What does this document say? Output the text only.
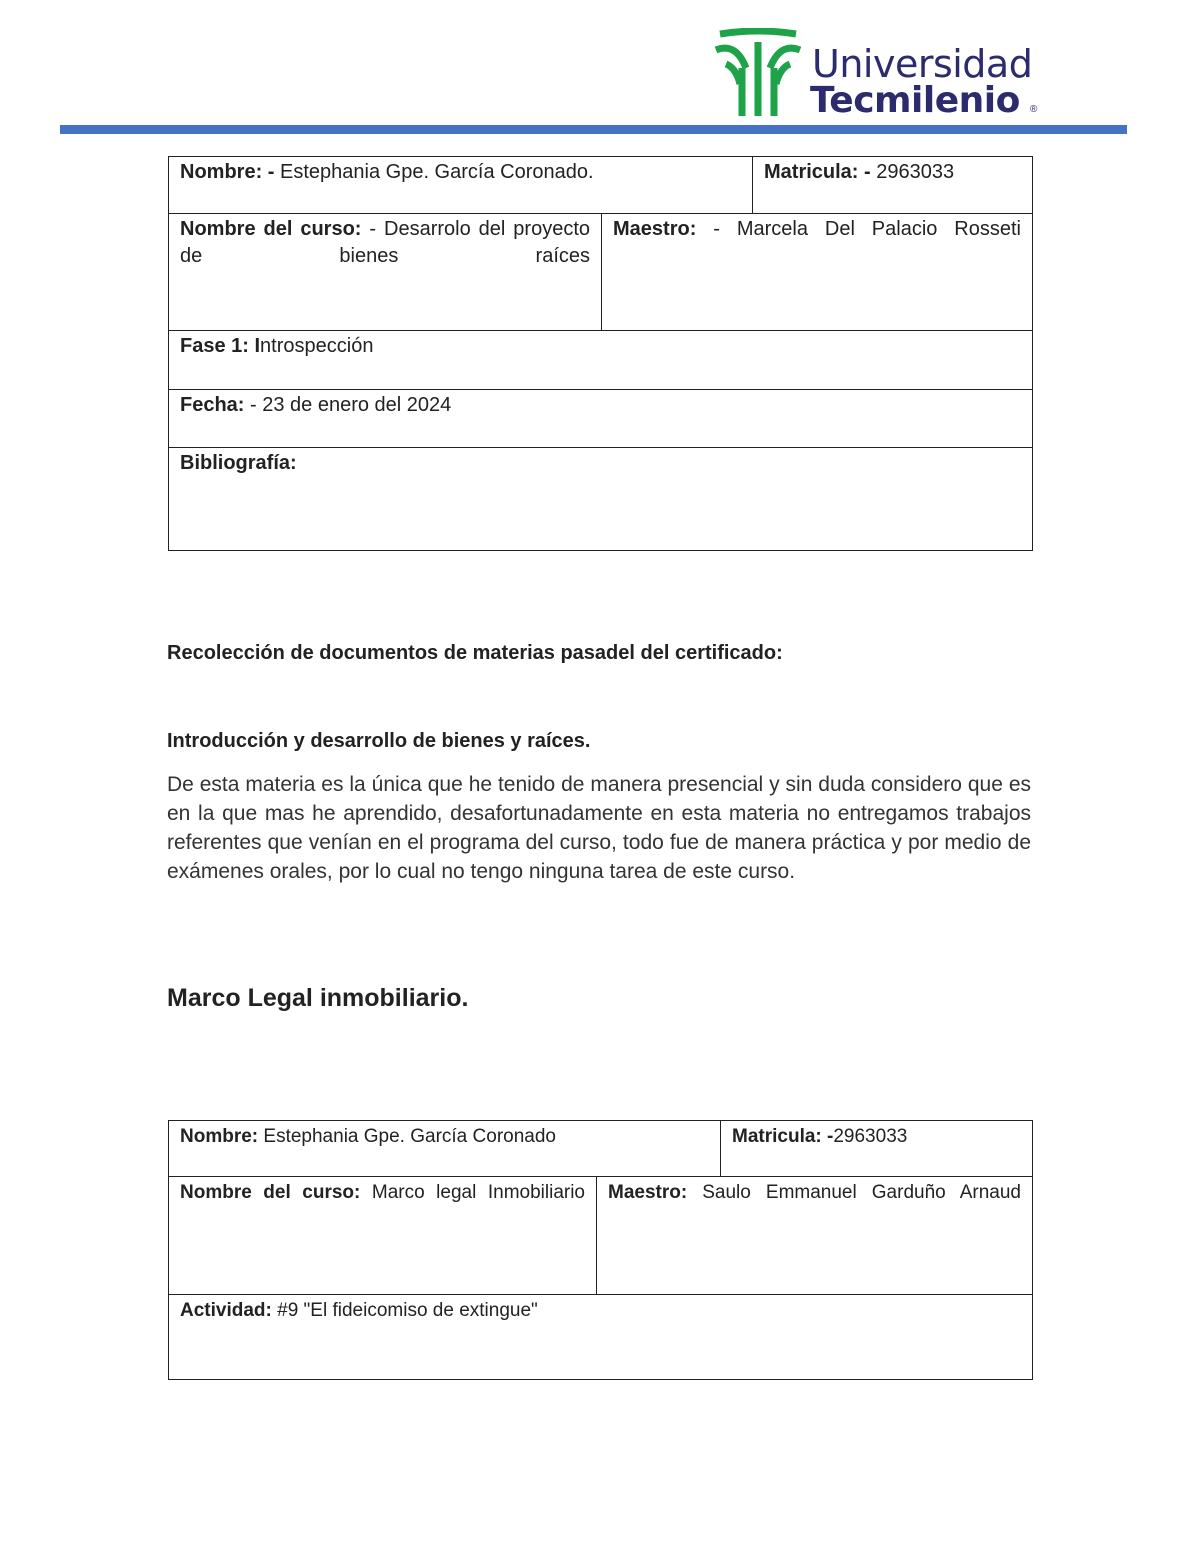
Universidad
Tecmilenio ®
Nombre: - Estephania Gpe. García Coronado.	Matricula: - 2963033
Nombre del curso: - Desarrolo del proyecto de bienes raíces
Maestro: - Marcela Del Palacio Rosseti
Fase 1: Introspección
Fecha: - 23 de enero del 2024
Bibliografía:
Recolección de documentos de materias pasadel del certificado:
Introducción y desarrollo de bienes y raíces.
De esta materia es la única que he tenido de manera presencial y sin duda considero que es en la que mas he aprendido, desafortunadamente en esta materia no entregamos trabajos referentes que venían en el programa del curso, todo fue de manera práctica y por medio de exámenes orales, por lo cual no tengo ninguna tarea de este curso.
Marco Legal inmobiliario.
Nombre: Estephania Gpe. García Coronado	Matricula: -2963033
Nombre del curso: Marco legal Inmobiliario Maestro: Saulo Emmanuel Garduño Arnaud
Actividad: #9 "El fideicomiso de extingue"
